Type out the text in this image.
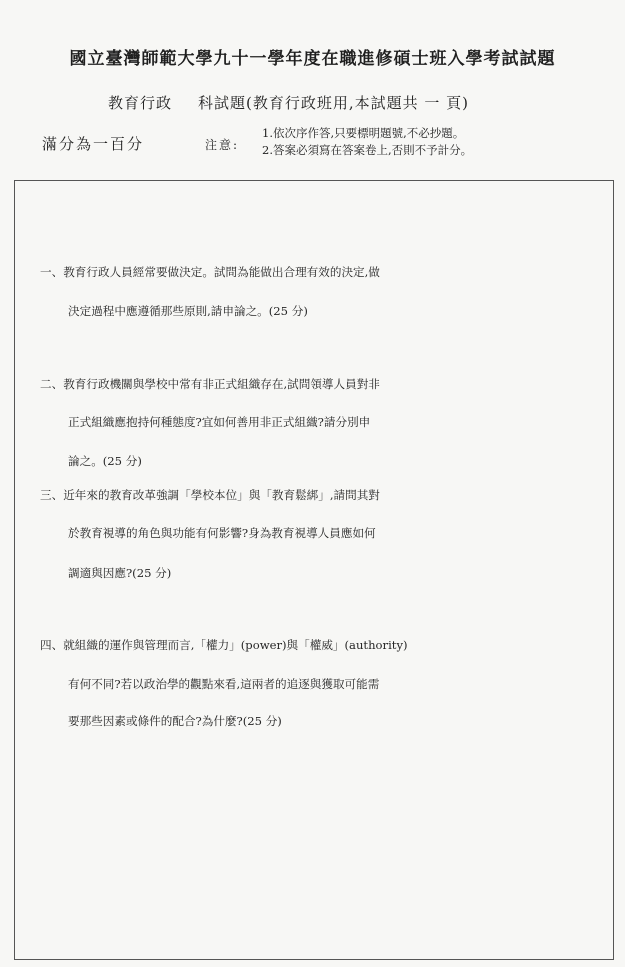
國立臺灣師範大學九十一學年度在職進修碩士班入學考試試題
教育行政 科試題(教育行政班用,本試題共 一 頁)
滿分為一百分	注意:
1.依次序作答,只要標明題號,不必抄題。
2.答案必須寫在答案卷上,否則不予計分。
一、教育行政人員經常要做決定。試問為能做出合理有效的決定,做
決定過程中應遵循那些原則,請申論之。(25 分)
二、教育行政機關與學校中常有非正式組織存在,試問領導人員對非
正式組織應抱持何種態度?宜如何善用非正式組織?請分別申
論之。(25 分)
三、近年來的教育改革強調「學校本位」與「教育鬆綁」,請問其對
於教育視導的角色與功能有何影響?身為教育視導人員應如何
調適與因應?(25 分)
四、就組織的運作與管理而言,「權力」(power)與「權威」(authority)
有何不同?若以政治學的觀點來看,這兩者的追逐與獲取可能需
要那些因素或條件的配合?為什麼?(25 分)
